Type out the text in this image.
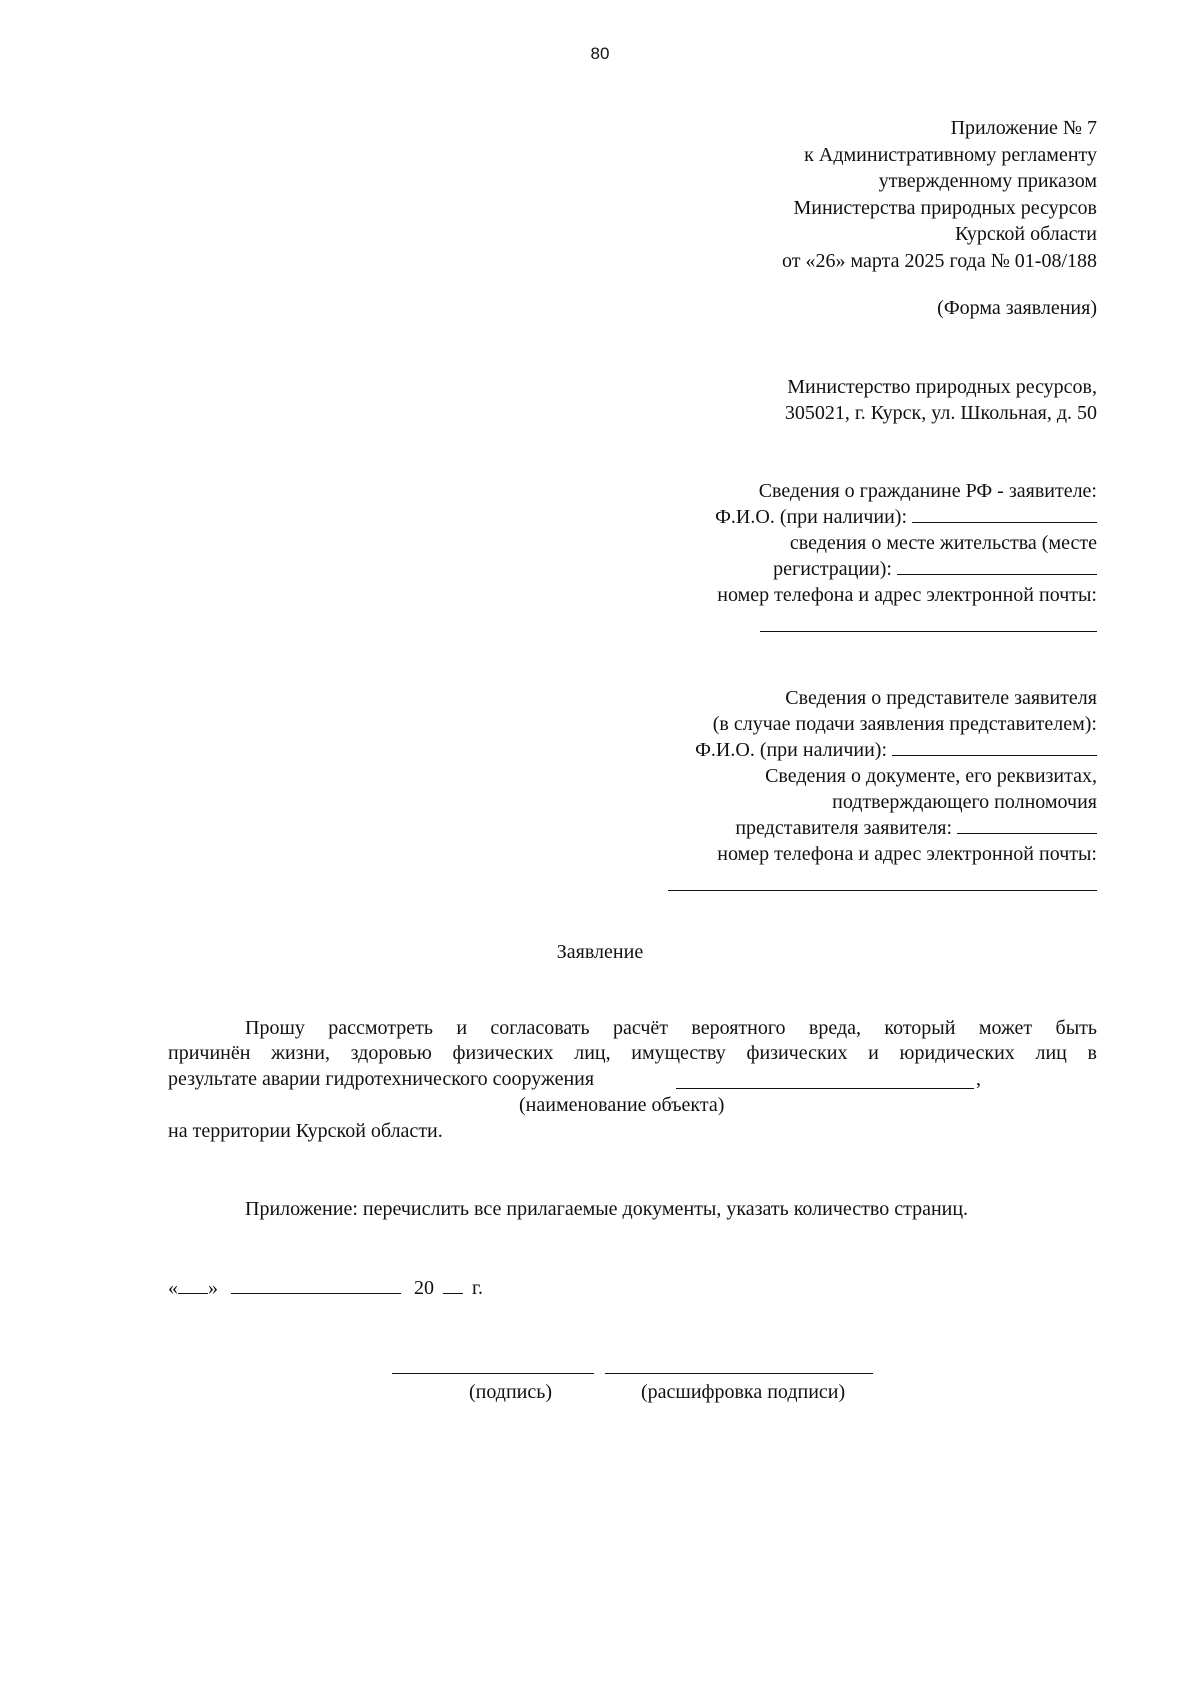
80
Приложение № 7
к Административному регламенту
утвержденному приказом
Министерства природных ресурсов
Курской области
от «26» марта 2025 года № 01-08/188
(Форма заявления)
Министерство природных ресурсов,
305021, г. Курск, ул. Школьная, д. 50
Сведения о гражданине РФ - заявителе:
Ф.И.О. (при наличии):
сведения о месте жительства (месте
регистрации):
номер телефона и адрес электронной почты:
Сведения о представителе заявителя
(в случае подачи заявления представителем):
Ф.И.О. (при наличии):
Сведения о документе, его реквизитах,
подтверждающего полномочия
представителя заявителя:
номер телефона и адрес электронной почты:
Заявление
Прошу рассмотреть и согласовать расчёт вероятного вреда, который может быть
причинён жизни, здоровью физических лиц, имуществу физических и юридических лиц в
результате аварии гидротехнического сооружения	,
(наименование объекта)
на территории Курской области.
Приложение: перечислить все прилагаемые документы, указать количество страниц.
« »	20 г.
(подпись)	(расшифровка подписи)
